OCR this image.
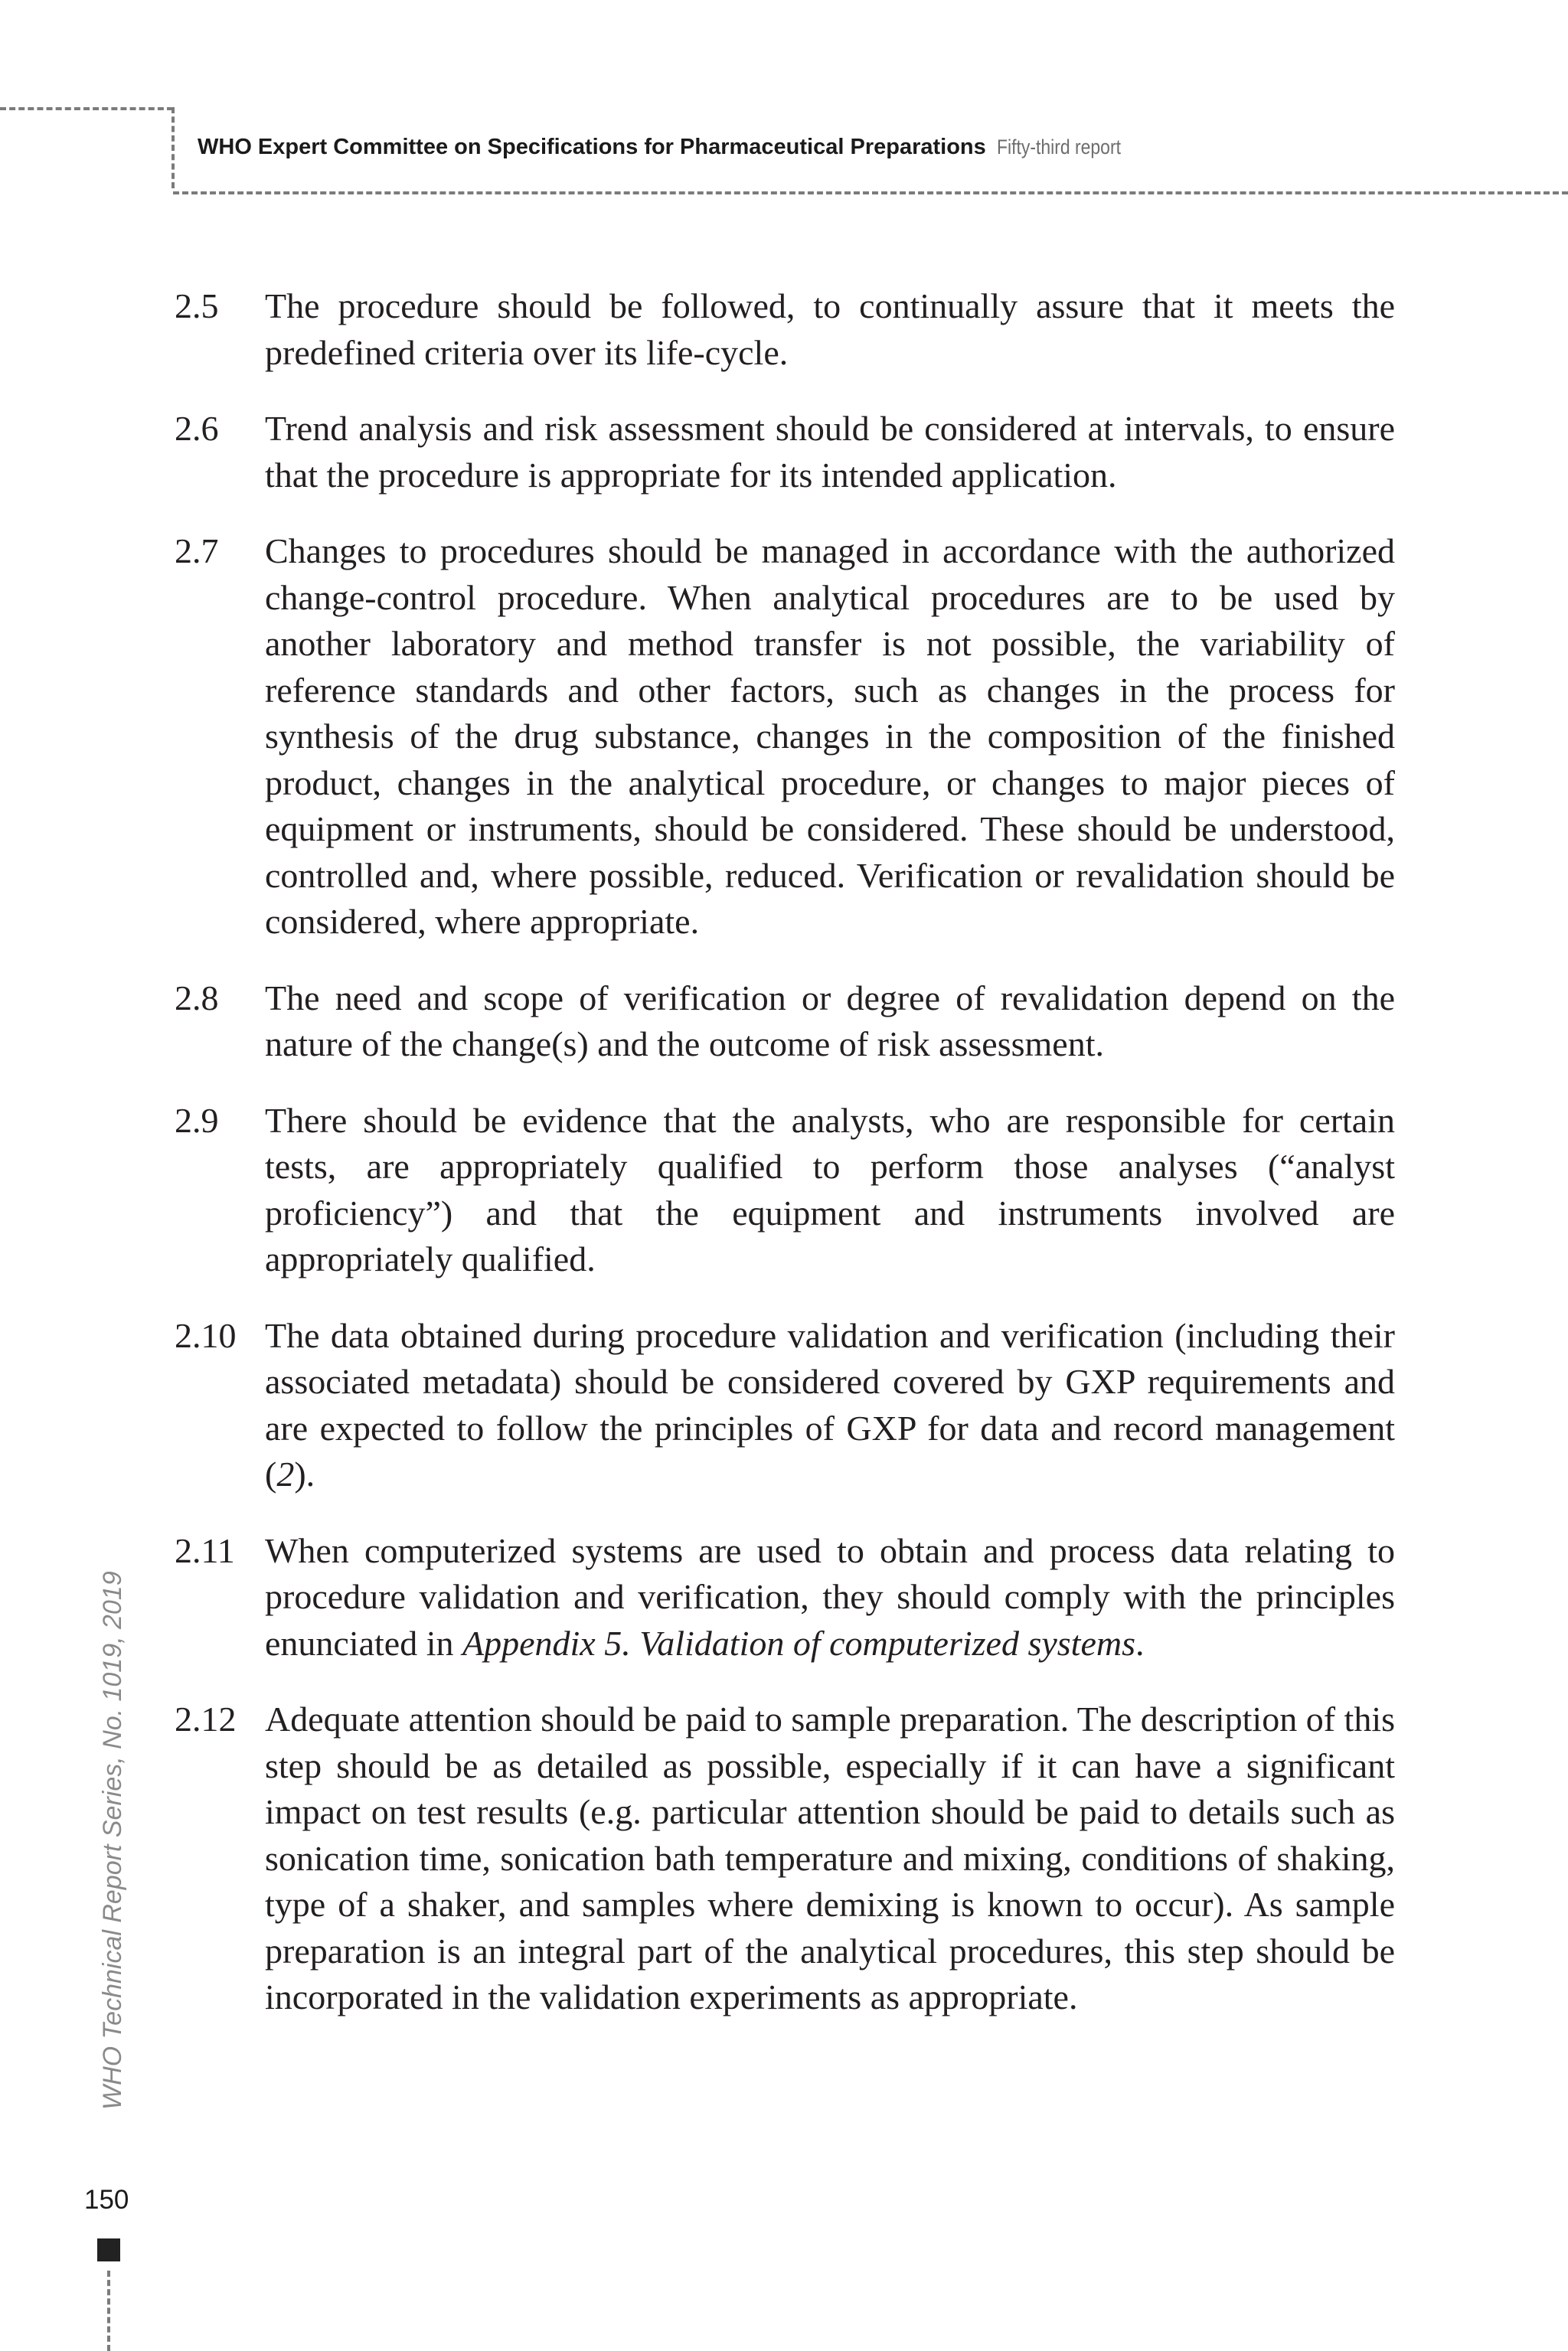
WHO Expert Committee on Specifications for Pharmaceutical Preparations Fifty-third report
2.5 The procedure should be followed, to continually assure that it meets the predefined criteria over its life-cycle.
2.6 Trend analysis and risk assessment should be considered at intervals, to ensure that the procedure is appropriate for its intended application.
2.7 Changes to procedures should be managed in accordance with the authorized change-control procedure. When analytical procedures are to be used by another laboratory and method transfer is not possible, the variability of reference standards and other factors, such as changes in the process for synthesis of the drug substance, changes in the composition of the finished product, changes in the analytical procedure, or changes to major pieces of equipment or instruments, should be considered. These should be understood, controlled and, where possible, reduced. Verification or revalidation should be considered, where appropriate.
2.8 The need and scope of verification or degree of revalidation depend on the nature of the change(s) and the outcome of risk assessment.
2.9 There should be evidence that the analysts, who are responsible for certain tests, are appropriately qualified to perform those analyses (“analyst proficiency”) and that the equipment and instruments involved are appropriately qualified.
2.10 The data obtained during procedure validation and verification (including their associated metadata) should be considered covered by GXP requirements and are expected to follow the principles of GXP for data and record management (2).
2.11 When computerized systems are used to obtain and process data relating to procedure validation and verification, they should comply with the principles enunciated in Appendix 5. Validation of computerized systems.
2.12 Adequate attention should be paid to sample preparation. The description of this step should be as detailed as possible, especially if it can have a significant impact on test results (e.g. particular attention should be paid to details such as sonication time, sonication bath temperature and mixing, conditions of shaking, type of a shaker, and samples where demixing is known to occur). As sample preparation is an integral part of the analytical procedures, this step should be incorporated in the validation experiments as appropriate.
WHO Technical Report Series, No. 1019, 2019
150
